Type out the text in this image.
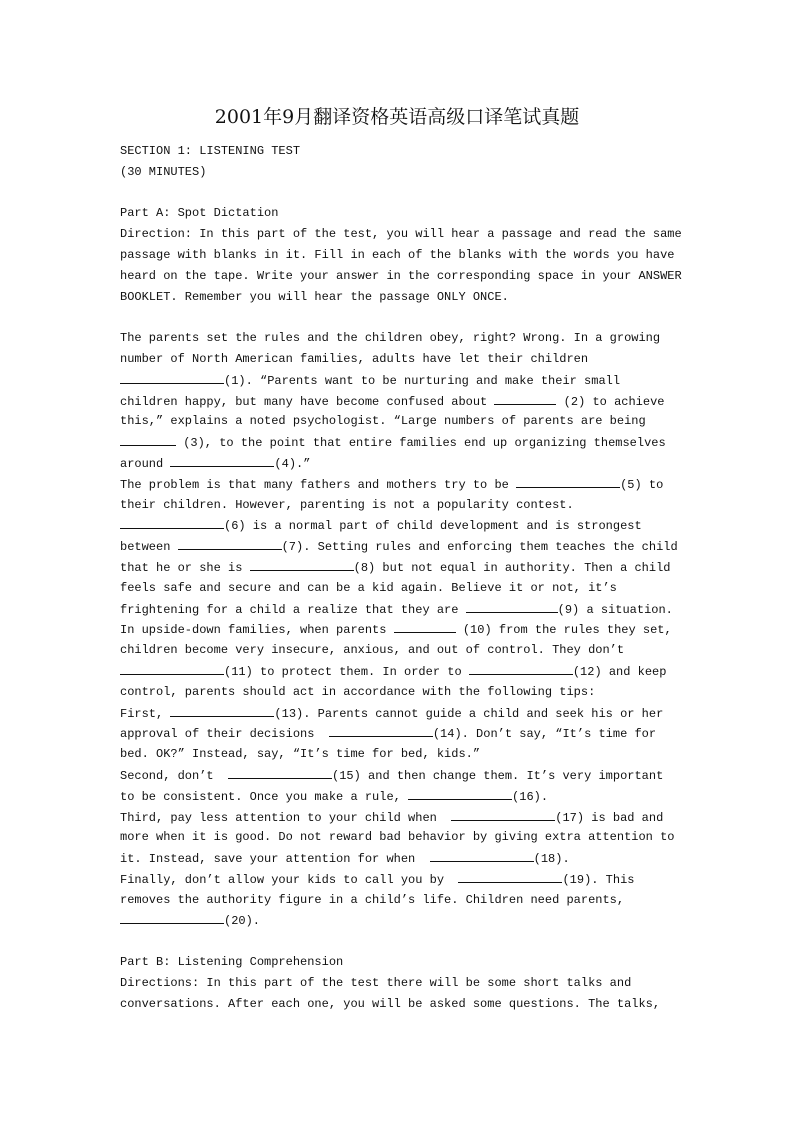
2001年9月翻译资格英语高级口译笔试真题
SECTION 1: LISTENING TEST
(30 MINUTES)
Part A: Spot Dictation
Direction: In this part of the test, you will hear a passage and read the same
passage with blanks in it. Fill in each of the blanks with the words you have
heard on the tape. Write your answer in the corresponding space in your ANSWER
BOOKLET. Remember you will hear the passage ONLY ONCE.
The parents set the rules and the children obey, right? Wrong. In a growing
number of North American families, adults have let their children
(1). “Parents want to be nurturing and make their small
children happy, but many have become confused about	(2) to achieve
this,” explains a noted psychologist. “Large numbers of parents are being
(3), to the point that entire families end up organizing themselves
around	(4).”
The problem is that many fathers and mothers try to be	(5) to
their children. However, parenting is not a popularity contest.
(6) is a normal part of child development and is strongest
between	(7). Setting rules and enforcing them teaches the child
that he or she is	(8) but not equal in authority. Then a child
feels safe and secure and can be a kid again. Believe it or not, it’s
frightening for a child a realize that they are	(9) a situation.
In upside-down families, when parents	(10) from the rules they set,
children become very insecure, anxious, and out of control. They don’t
(11) to protect them. In order to	(12) and keep
control, parents should act in accordance with the following tips:
First,	(13). Parents cannot guide a child and seek his or her
approval of their decisions	(14). Don’t say, “It’s time for
bed. OK?” Instead, say, “It’s time for bed, kids.”
Second, don’t	(15) and then change them. It’s very important
to be consistent. Once you make a rule,	(16).
Third, pay less attention to your child when	(17) is bad and
more when it is good. Do not reward bad behavior by giving extra attention to
it. Instead, save your attention for when	(18).
Finally, don’t allow your kids to call you by	(19). This
removes the authority figure in a child’s life. Children need parents,
(20).
Part B: Listening Comprehension
Directions: In this part of the test there will be some short talks and
conversations. After each one, you will be asked some questions. The talks,
